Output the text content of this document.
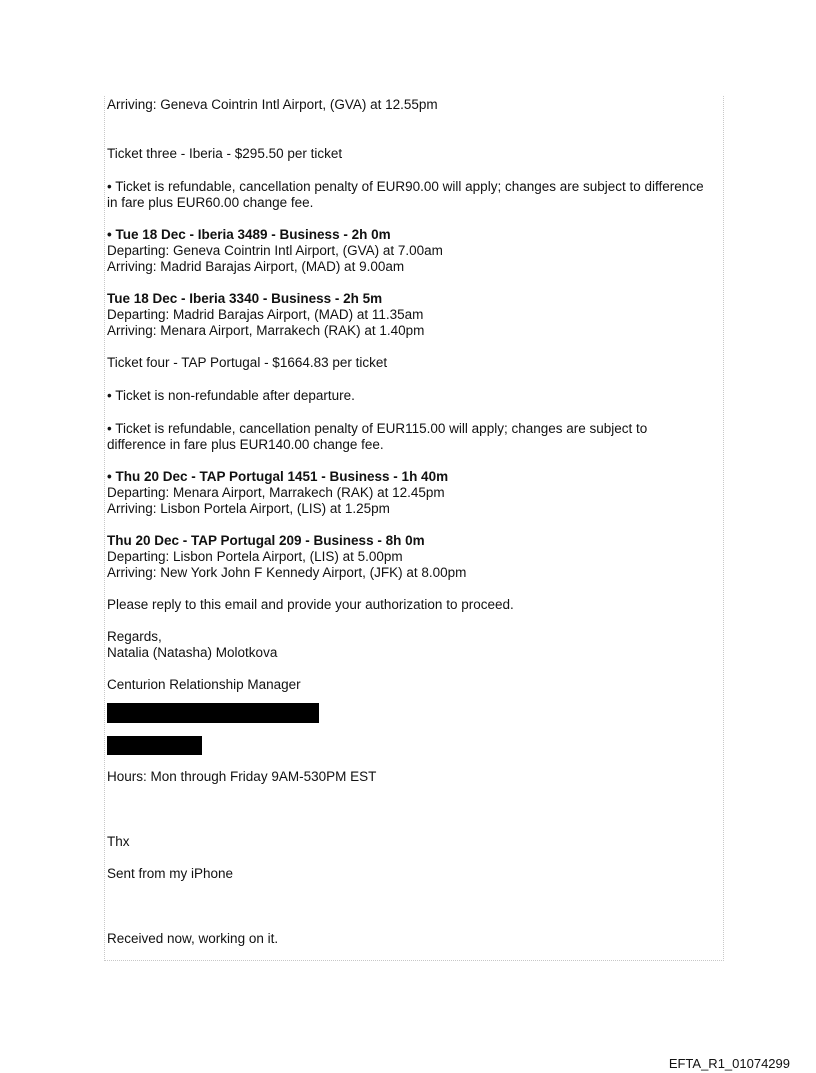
Arriving: Geneva Cointrin Intl Airport, (GVA) at 12.55pm

Ticket three - Iberia - $295.50 per ticket

• Ticket is refundable, cancellation penalty of EUR90.00 will apply; changes are subject to difference in fare plus EUR60.00 change fee.

• Tue 18 Dec - Iberia 3489 - Business - 2h 0m

Departing: Geneva Cointrin Intl Airport, (GVA) at 7.00am

Arriving: Madrid Barajas Airport, (MAD) at 9.00am

Tue 18 Dec - Iberia 3340 - Business - 2h 5m

Departing: Madrid Barajas Airport, (MAD) at 11.35am

Arriving: Menara Airport, Marrakech (RAK) at 1.40pm

Ticket four - TAP Portugal - $1664.83 per ticket

• Ticket is non-refundable after departure.

• Ticket is refundable, cancellation penalty of EUR115.00 will apply; changes are subject to difference in fare plus EUR140.00 change fee.

• Thu 20 Dec - TAP Portugal 1451 - Business - 1h 40m

Departing: Menara Airport, Marrakech (RAK) at 12.45pm

Arriving: Lisbon Portela Airport, (LIS) at 1.25pm

Thu 20 Dec - TAP Portugal 209 - Business - 8h 0m

Departing: Lisbon Portela Airport, (LIS) at 5.00pm

Arriving: New York John F Kennedy Airport, (JFK) at 8.00pm

Please reply to this email and provide your authorization to proceed.

Regards,

Natalia (Natasha) Molotkova

Centurion Relationship Manager

Hours: Mon through Friday 9AM-530PM EST

Thx

Sent from my iPhone

Received now, working on it.

EFTA_R1_01074299
